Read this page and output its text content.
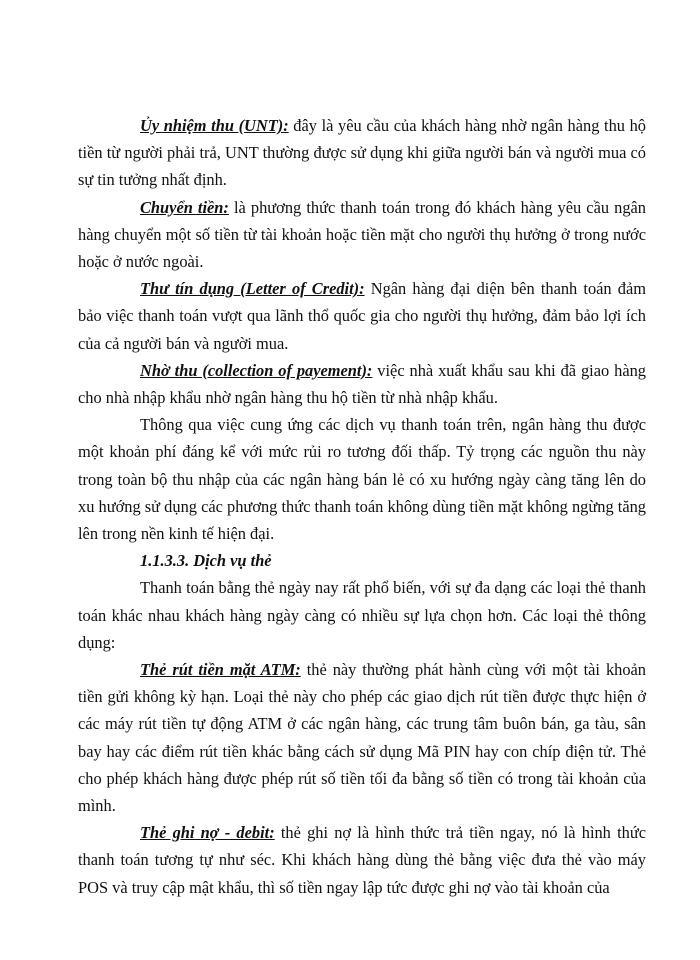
Ủy nhiệm thu (UNT): đây là yêu cầu của khách hàng nhờ ngân hàng thu hộ tiền từ người phải trả, UNT thường được sử dụng khi giữa người bán và người mua có sự tin tưởng nhất định.

Chuyển tiền: là phương thức thanh toán trong đó khách hàng yêu cầu ngân hàng chuyển một số tiền từ tài khoản hoặc tiền mặt cho người thụ hưởng ở trong nước hoặc ở nước ngoài.

Thư tín dụng (Letter of Credit): Ngân hàng đại diện bên thanh toán đảm bảo việc thanh toán vượt qua lãnh thổ quốc gia cho người thụ hưởng, đảm bảo lợi ích của cả người bán và người mua.

Nhờ thu (collection of payement): việc nhà xuất khẩu sau khi đã giao hàng cho nhà nhập khẩu nhờ ngân hàng thu hộ tiền từ nhà nhập khẩu.

Thông qua việc cung ứng các dịch vụ thanh toán trên, ngân hàng thu được một khoản phí đáng kể với mức rủi ro tương đối thấp. Tỷ trọng các nguồn thu này trong toàn bộ thu nhập của các ngân hàng bán lẻ có xu hướng ngày càng tăng lên do xu hướng sử dụng các phương thức thanh toán không dùng tiền mặt không ngừng tăng lên trong nền kinh tế hiện đại.

1.1.3.3. Dịch vụ thẻ

Thanh toán bằng thẻ ngày nay rất phổ biến, với sự đa dạng các loại thẻ thanh toán khác nhau khách hàng ngày càng có nhiều sự lựa chọn hơn. Các loại thẻ thông dụng:

Thẻ rút tiền mặt ATM: thẻ này thường phát hành cùng với một tài khoản tiền gửi không kỳ hạn. Loại thẻ này cho phép các giao dịch rút tiền được thực hiện ở các máy rút tiền tự động ATM ở các ngân hàng, các trung tâm buôn bán, ga tàu, sân bay hay các điểm rút tiền khác bằng cách sử dụng Mã PIN hay con chíp điện tử. Thẻ cho phép khách hàng được phép rút số tiền tối đa bằng số tiền có trong tài khoản của mình.

Thẻ ghi nợ - debit: thẻ ghi nợ là hình thức trả tiền ngay, nó là hình thức thanh toán tương tự như séc. Khi khách hàng dùng thẻ bằng việc đưa thẻ vào máy POS và truy cập mật khẩu, thì số tiền ngay lập tức được ghi nợ vào tài khoản của
